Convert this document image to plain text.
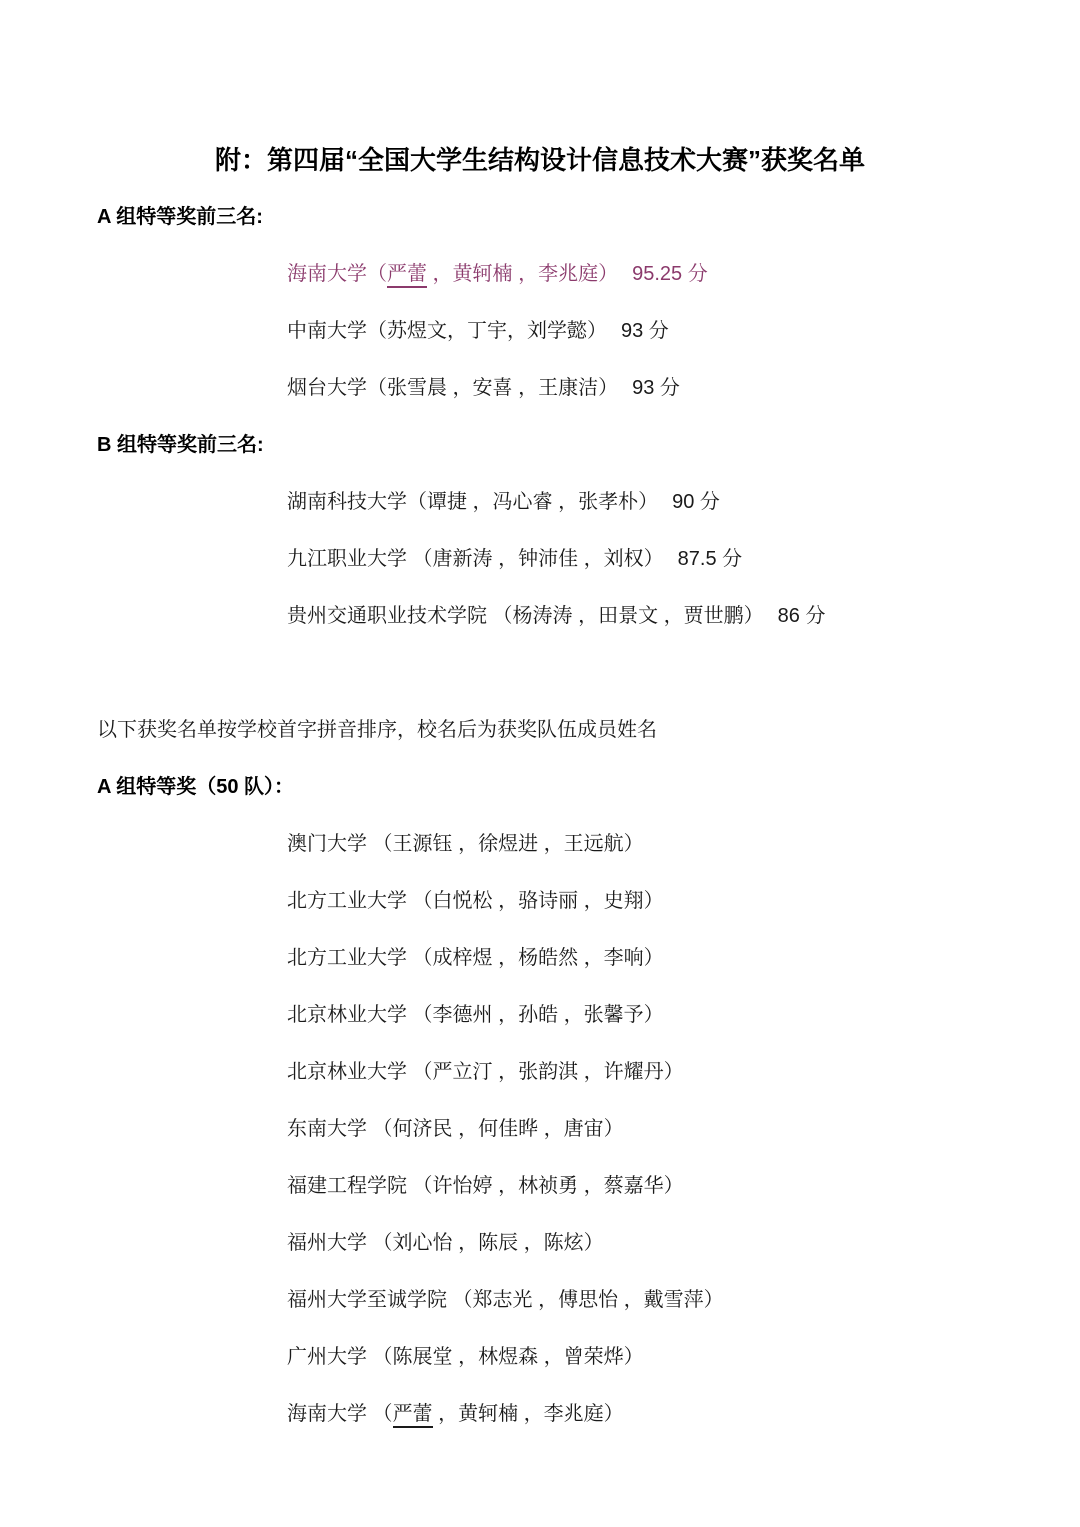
附：第四届“全国大学生结构设计信息技术大赛”获奖名单
A 组特等奖前三名:
海南大学（严蕾 ，黄轲楠 ，李兆庭） 95.25 分
中南大学（苏煜文，丁宇，刘学懿） 93 分
烟台大学（张雪晨 ，安喜 ，王康洁） 93 分
B 组特等奖前三名:
湖南科技大学（谭捷 ，冯心睿 ，张孝朴） 90 分
九江职业大学 （唐新涛 ，钟沛佳 ，刘权） 87.5 分
贵州交通职业技术学院 （杨涛涛 ，田景文 ，贾世鹏） 86 分
以下获奖名单按学校首字拼音排序，校名后为获奖队伍成员姓名
A 组特等奖（50 队）：
澳门大学 （王源钰 ，徐煜进 ，王远航）
北方工业大学 （白悦松 ，骆诗丽 ，史翔）
北方工业大学 （成梓煜 ，杨皓然 ，李响）
北京林业大学 （李德州 ，孙皓 ，张馨予）
北京林业大学 （严立汀 ，张韵淇 ，许耀丹）
东南大学 （何济民 ，何佳晔 ，唐宙）
福建工程学院 （许怡婷 ，林祯勇 ，蔡嘉华）
福州大学 （刘心怡 ，陈辰 ，陈炫）
福州大学至诚学院 （郑志光 ，傅思怡 ，戴雪萍）
广州大学 （陈展堂 ，林煜森 ，曾荣烨）
海南大学 （严蕾 ，黄轲楠 ，李兆庭）
